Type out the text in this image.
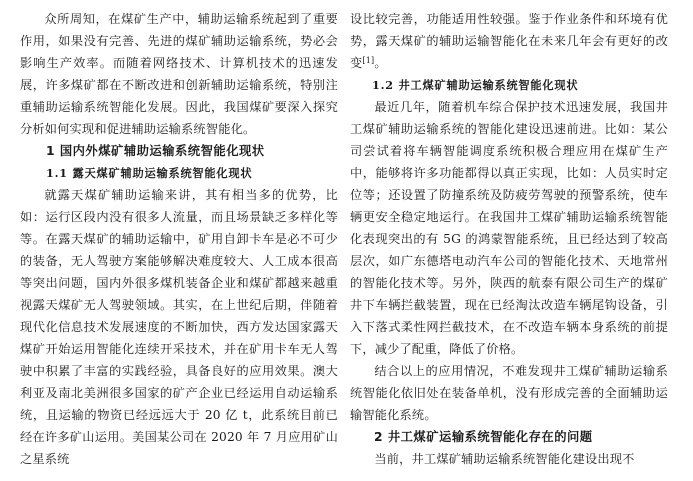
众所周知，在煤矿生产中，辅助运输系统起到了重要作用，如果没有完善、先进的煤矿辅助运输系统，势必会影响生产效率。而随着网络技术、计算机技术的迅速发展，许多煤矿都在不断改进和创新辅助运输系统，特别注重辅助运输系统智能化发展。因此，我国煤矿要深入探究分析如何实现和促进辅助运输系统智能化。

1 国内外煤矿辅助运输系统智能化现状
1.1 露天煤矿辅助运输系统智能化现状

就露天煤矿辅助运输来讲，其有相当多的优势，比如：运行区段内没有很多人流量，而且场景缺乏多样化等等。在露天煤矿的辅助运输中，矿用自卸卡车是必不可少的装备，无人驾驶方案能够解决难度较大、人工成本很高等突出问题，国内外很多煤机装备企业和煤矿都越来越重视露天煤矿无人驾驶领域。其实，在上世纪后期，伴随着现代化信息技术发展速度的不断加快，西方发达国家露天煤矿开始运用智能化连续开采技术，并在矿用卡车无人驾驶中积累了丰富的实践经验，具备良好的应用效果。澳大利亚及南北美洲很多国家的矿产企业已经运用自动运输系统，且运输的物资已经远远大于 20 亿 t，此系统目前已经在许多矿山运用。美国某公司在 2020 年 7 月应用矿山之星系统

设比较完善，功能适用性较强。鉴于作业条件和环境有优势，露天煤矿的辅助运输智能化在未来几年会有更好的改变[1]。

1.2 井工煤矿辅助运输系统智能化现状

最近几年，随着机车综合保护技术迅速发展，我国井工煤矿辅助运输系统的智能化建设迅速前进。比如：某公司尝试着将车辆智能调度系统积极合理应用在煤矿生产中，能够将许多功能都得以真正实现，比如：人员实时定位等；还设置了防撞系统及防疲劳驾驶的预警系统，使车辆更安全稳定地运行。在我国井工煤矿辅助运输系统智能化表现突出的有 5G 的鸿蒙智能系统，且已经达到了较高层次，如广东德塔电动汽车公司的智能化技术、天地常州的智能化技术等。另外，陕西的航泰有限公司生产的煤矿井下车辆拦截装置，现在已经淘汰改造车辆尾钩设备，引入下落式柔性网拦截技术，在不改造车辆本身系统的前提下，减少了配重，降低了价格。

结合以上的应用情况，不难发现井工煤矿辅助运输系统智能化依旧处在装备单机，没有形成完善的全面辅助运输智能化系统。

2 井工煤矿运输系统智能化存在的问题

当前，井工煤矿辅助运输系统智能化建设出现不
